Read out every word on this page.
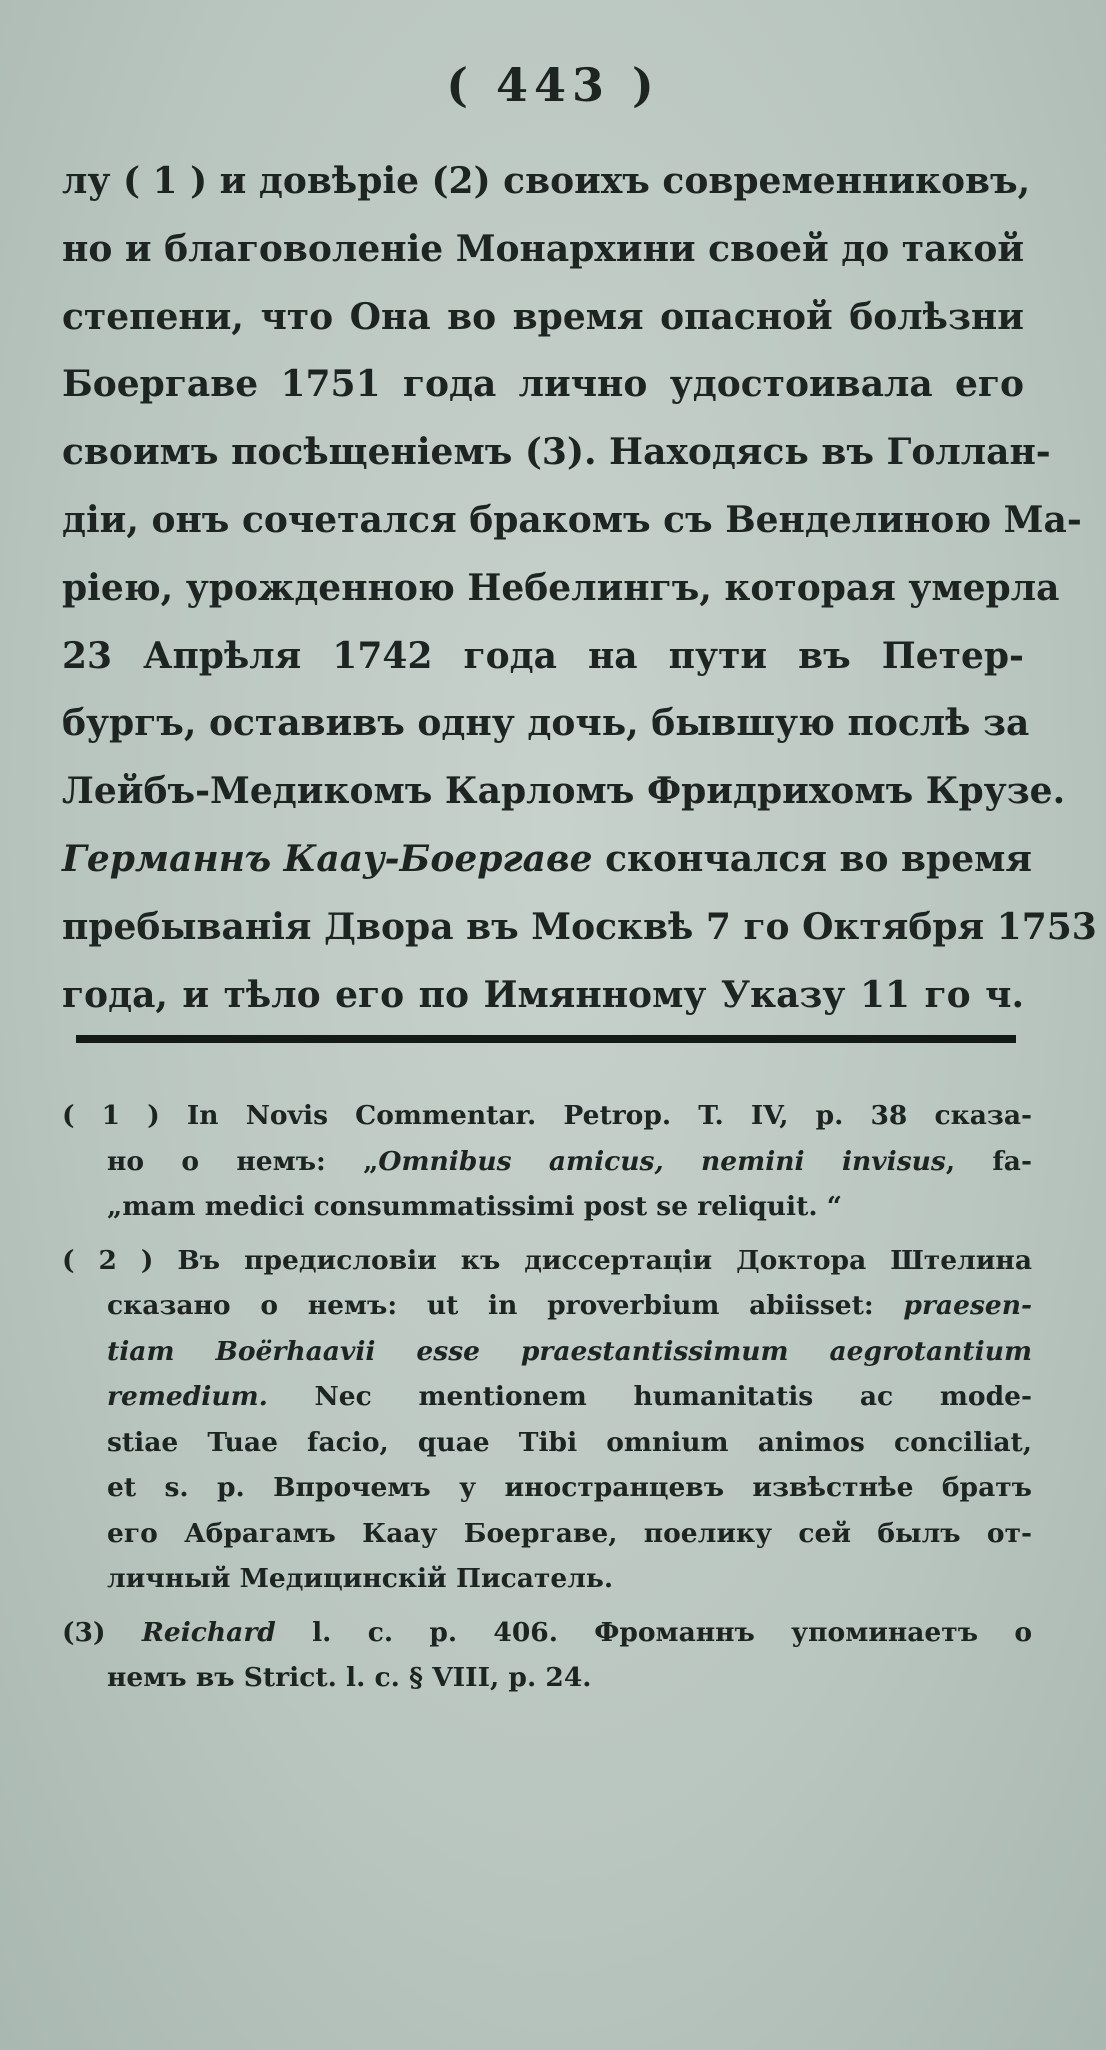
( 443 )
лу ( 1 ) и довѣріе (2) своихъ современниковъ,
но и благоволеніе Монархини своей до такой
степени, что Она во время опасной болѣзни
Боергаве 1751 года лично удостоивала его
своимъ посѣщеніемъ (3). Находясь въ Голлан-
діи, онъ сочетался бракомъ съ Венделиною Ма-
ріею, урожденною Небелингъ, которая умерла
23 Апрѣля 1742 года на пути въ Петер-
бургъ, оставивъ одну дочь, бывшую послѣ за
Лейбъ-Медикомъ Карломъ Фридрихомъ Крузе.
Германнъ Каау-Боергаве скончался во время
пребыванія Двора въ Москвѣ 7 го Октября 1753
года, и тѣло его по Имянному Указу 11 го ч.
( 1 ) In Novis Commentar. Petrop. T. IV, p. 38 сказа-
но о немъ: „Omnibus amicus, nemini invisus, fa-
„mam medici consummatissimi post se reliquit. “
( 2 ) Въ предисловіи къ диссертаціи Доктора Штелина
сказано о немъ: ut in proverbium abiisset: praesen-
tiam Boërhaavii esse praestantissimum aegrotantium
remedium. Nec mentionem humanitatis ac mode-
stiae Tuae facio, quae Tibi omnium animos conciliat,
et s. p. Впрочемъ у иностранцевъ извѣстнѣе братъ
его Абрагамъ Каау Боергаве, поелику сей былъ от-
личный Медицинскій Писатель.
(3) Reichard l. c. p. 406. Фроманнъ упоминаетъ о
немъ въ Strict. l. c. § VIII, p. 24.
